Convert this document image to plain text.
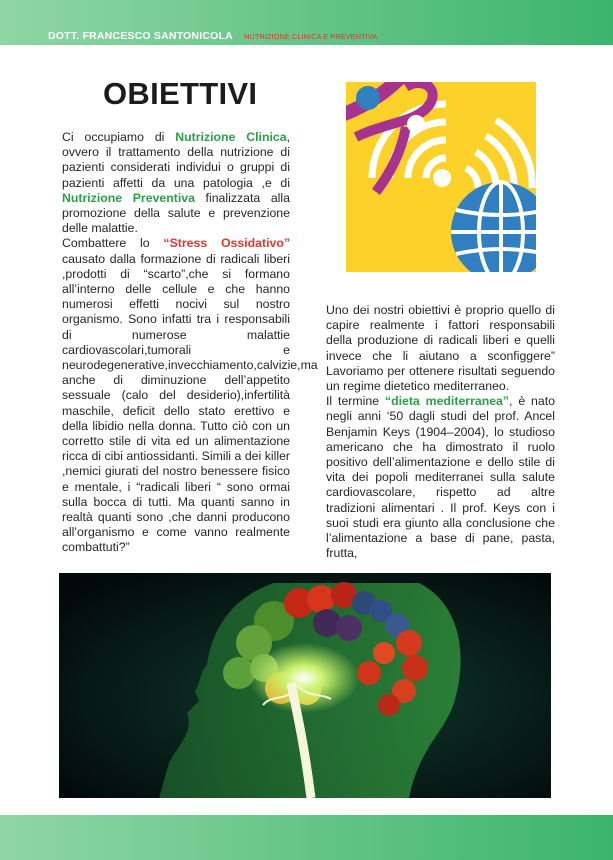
DOTT. FRANCESCO SANTONICOLA NUTRIZIONE CLINICA E PREVENTIVA
OBIETTIVI

Ci occupiamo di Nutrizione Clinica, ovvero il trattamento della nutrizione di pazienti considerati individui o gruppi di pazienti affetti da una patologia ,e di Nutrizione Preventiva finalizzata alla promozione della salute e prevenzione delle malattie.

Combattere lo “Stress Ossidativo” causato dalla formazione di radicali liberi ,prodotti di “scarto”,che si formano all’interno delle cellule e che hanno numerosi effetti nocivi sul nostro organismo. Sono infatti tra i responsabili di numerose malattie cardiovascolari,tumorali e neurodegenerative,invecchiamento,calvizie,ma anche di diminuzione dell’appetito sessuale (calo del desiderio),infertilità maschile, deficit dello stato erettivo e della libidio nella donna. Tutto ciò con un corretto stile di vita ed un alimentazione ricca di cibi antiossidanti. Simili a dei killer ,nemici giurati del nostro benessere fisico e mentale, i “radicali liberi “ sono ormai sulla bocca di tutti. Ma quanti sanno in realtà quanti sono ,che danni producono all’organismo e come vanno realmente combattuti?”

Uno dei nostri obiettivi è proprio quello di capire realmente i fattori responsabili della produzione di radicali liberi e quelli invece che li aiutano a sconfiggere” Lavoriamo per ottenere risultati seguendo un regime dietetico mediterraneo.

Il termine “dieta mediterranea”, è nato negli anni ‘50 dagli studi del prof. Ancel Benjamin Keys (1904–2004), lo studioso americano che ha dimostrato il ruolo positivo dell’alimentazione e dello stile di vita dei popoli mediterranei sulla salute cardiovascolare, rispetto ad altre tradizioni alimentari . Il prof. Keys con i suoi studi era giunto alla conclusione che l’alimentazione a base di pane, pasta, frutta,
